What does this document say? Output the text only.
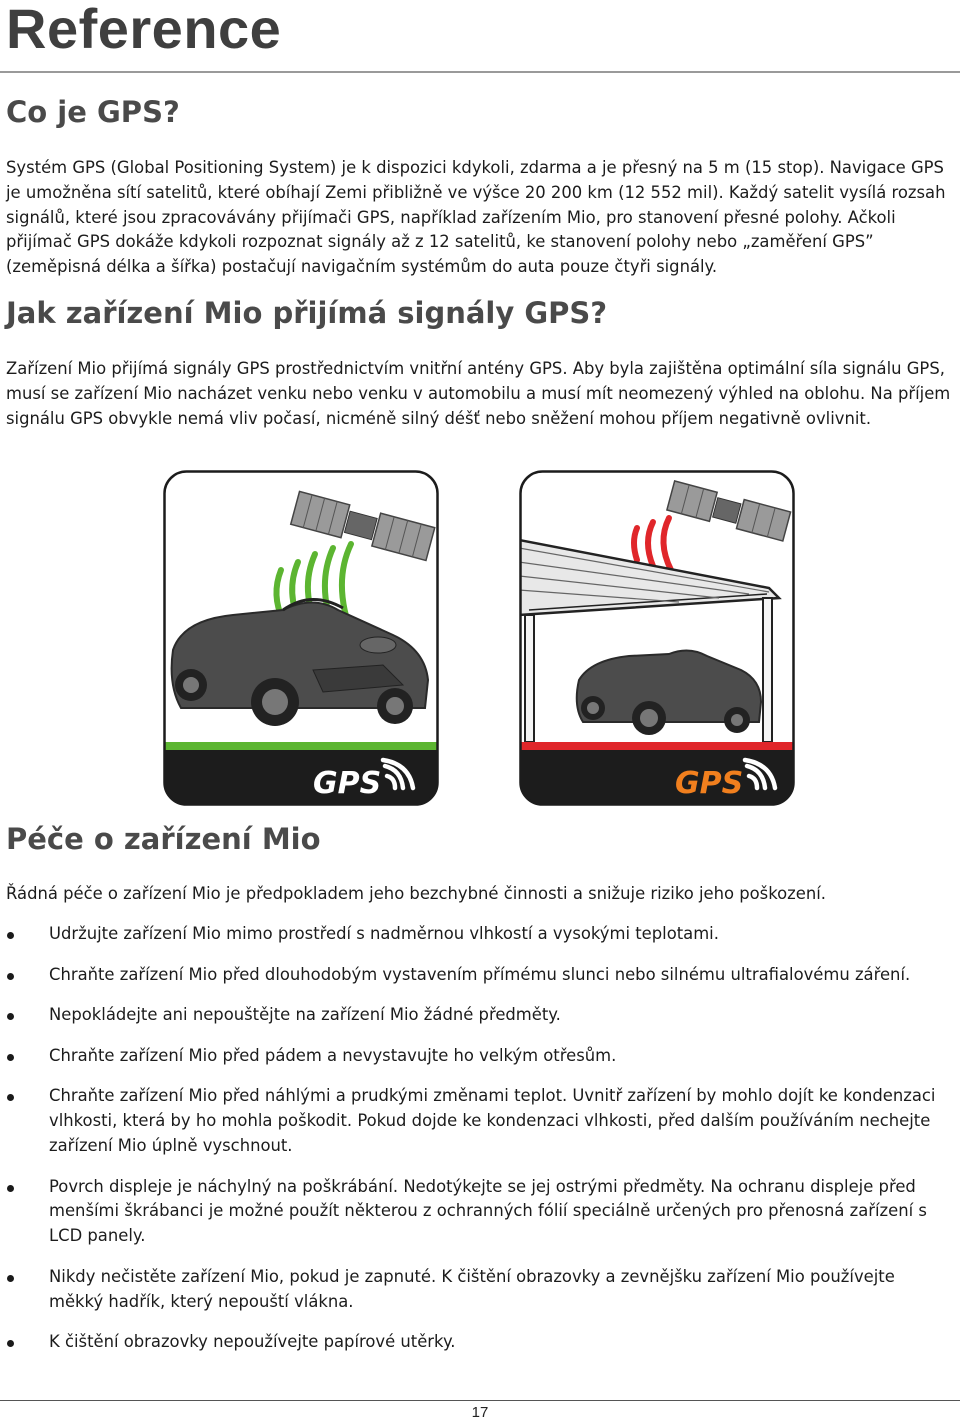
Reference
Co je GPS?

Systém GPS (Global Positioning System) je k dispozici kdykoli, zdarma a je přesný na 5 m (15 stop). Navigace GPS je umožněna sítí satelitů, které obíhají Zemi přibližně ve výšce 20 200 km (12 552 mil). Každý satelit vysílá rozsah signálů, které jsou zpracovávány přijímači GPS, například zařízením Mio, pro stanovení přesné polohy. Ačkoli přijímač GPS dokáže kdykoli rozpoznat signály až z 12 satelitů, ke stanovení polohy nebo „zaměření GPS” (zeměpisná délka a šířka) postačují navigačním systémům do auta pouze čtyři signály.

Jak zařízení Mio přijímá signály GPS?

Zařízení Mio přijímá signály GPS prostřednictvím vnitřní antény GPS. Aby byla zajištěna optimální síla signálu GPS, musí se zařízení Mio nacházet venku nebo venku v automobilu a musí mít neomezený výhled na oblohu. Na příjem signálu GPS obvykle nemá vliv počasí, nicméně silný déšť nebo sněžení mohou příjem negativně ovlivnit.

GPS	GPS
Péče o zařízení Mio

Řádná péče o zařízení Mio je předpokladem jeho bezchybné činnosti a snižuje riziko jeho poškození.

Udržujte zařízení Mio mimo prostředí s nadměrnou vlhkostí a vysokými teplotami.
Chraňte zařízení Mio před dlouhodobým vystavením přímému slunci nebo silnému ultrafialovému záření.
Nepokládejte ani nepouštějte na zařízení Mio žádné předměty.
Chraňte zařízení Mio před pádem a nevystavujte ho velkým otřesům.
Chraňte zařízení Mio před náhlými a prudkými změnami teplot. Uvnitř zařízení by mohlo dojít ke kondenzaci vlhkosti, která by ho mohla poškodit. Pokud dojde ke kondenzaci vlhkosti, před dalším používáním nechejte zařízení Mio úplně vyschnout.
Povrch displeje je náchylný na poškrábání. Nedotýkejte se jej ostrými předměty. Na ochranu displeje před menšími škrábanci je možné použít některou z ochranných fólií speciálně určených pro přenosná zařízení s LCD panely.
Nikdy nečistěte zařízení Mio, pokud je zapnuté. K čištění obrazovky a zevnějšku zařízení Mio používejte měkký hadřík, který nepouští vlákna.
K čištění obrazovky nepoužívejte papírové utěrky.
17
